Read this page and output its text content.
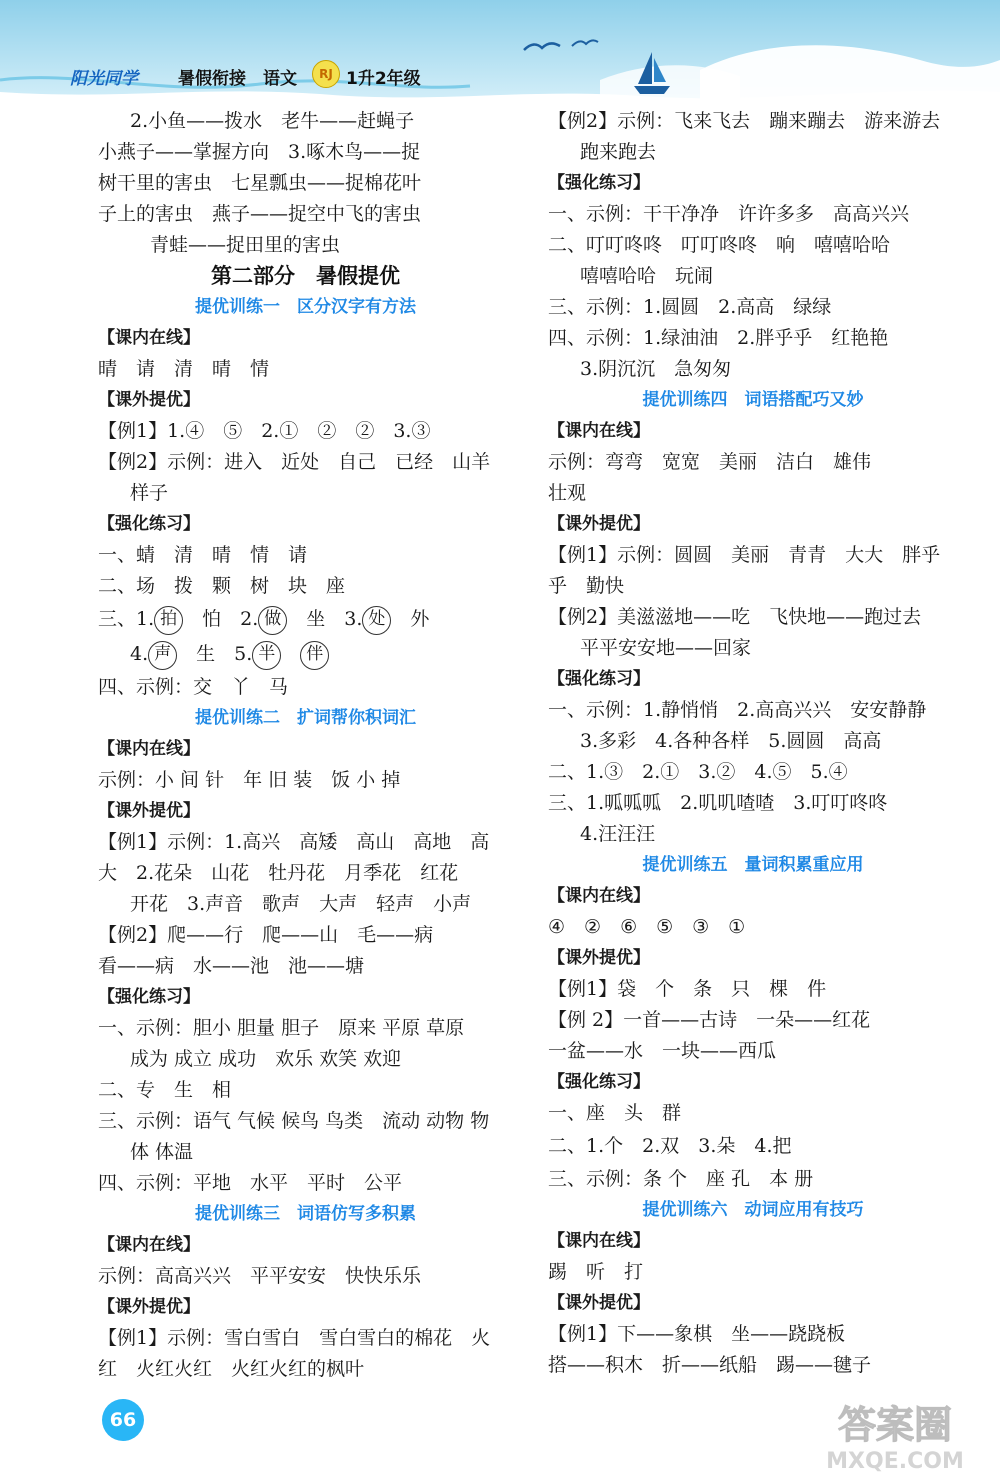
阳光同学 暑假衔接 语文	RJ 1升2年级
2.小鱼——拨水　老牛——赶蝇子
小燕子——掌握方向　3.啄木鸟——捉
树干里的害虫　七星瓢虫——捉棉花叶
子上的害虫　燕子——捉空中飞的害虫
青蛙——捉田里的害虫
第二部分　暑假提优
提优训练一　区分汉字有方法
【课内在线】
晴　请　清　晴　情
【课外提优】
【例1】1.④　⑤　2.①　②　②　3.③
【例2】示例：进入　近处　自己　已经　山羊
样子
【强化练习】
一、蜻　清　晴　情　请
二、场　拨　颗　树　块　座
三、1. 拍　怕　2. 做　坐　3. 处　外
4. 声　生　5. 半　 伴
四、示例：交　丫　马
提优训练二　扩词帮你积词汇
【课内在线】
示例：小 间 针　年 旧 装　饭 小 掉
【课外提优】
【例1】示例：1.高兴　高矮　高山　高地　高
大　2.花朵　山花　牡丹花　月季花　红花
开花　3.声音　歌声　大声　轻声　小声
【例2】爬——行　爬——山　毛——病
看——病　水——池　池——塘
【强化练习】
一、示例：胆小 胆量 胆子　原来 平原 草原
成为 成立 成功　欢乐 欢笑 欢迎
二、专　生　相
三、示例：语气 气候 候鸟 鸟类　流动 动物 物
体 体温
四、示例：平地　水平　平时　公平
提优训练三　词语仿写多积累
【课内在线】
示例：高高兴兴　平平安安　快快乐乐
【课外提优】
【例1】示例：雪白雪白　雪白雪白的棉花　火
红　火红火红　火红火红的枫叶
【例2】示例：飞来飞去　蹦来蹦去　游来游去
跑来跑去
【强化练习】
一、示例：干干净净　许许多多　高高兴兴
二、叮叮咚咚　叮叮咚咚　响　嘻嘻哈哈
嘻嘻哈哈　玩闹
三、示例：1.圆圆　2.高高　绿绿
四、示例：1.绿油油　2.胖乎乎　红艳艳
3.阴沉沉　急匆匆
提优训练四　词语搭配巧又妙
【课内在线】
示例：弯弯　宽宽　美丽　洁白　雄伟
壮观
【课外提优】
【例1】示例：圆圆　美丽　青青　大大　胖乎
乎　勤快
【例2】美滋滋地——吃　飞快地——跑过去
平平安安地——回家
【强化练习】
一、示例：1.静悄悄　2.高高兴兴　安安静静
3.多彩　4.各种各样　5.圆圆　高高
二、1.③　2.①　3.②　4.⑤　5.④
三、1.呱呱呱　2.叽叽喳喳　3.叮叮咚咚
4.汪汪汪
提优训练五　量词积累重应用
【课内在线】
④　②　⑥　⑤　③　①
【课外提优】
【例1】袋　个　条　只　棵　件
【例 2】一首——古诗　一朵——红花
一盆——水　一块——西瓜
【强化练习】
一、座　头　群
二、1.个　2.双　3.朵　4.把
三、示例：条 个　座 孔　本 册
提优训练六　动词应用有技巧
【课内在线】
踢　听　打
【课外提优】
【例1】下——象棋　坐——跷跷板
搭——积木　折——纸船　踢——毽子
66	答案圈
MXQE.COM
